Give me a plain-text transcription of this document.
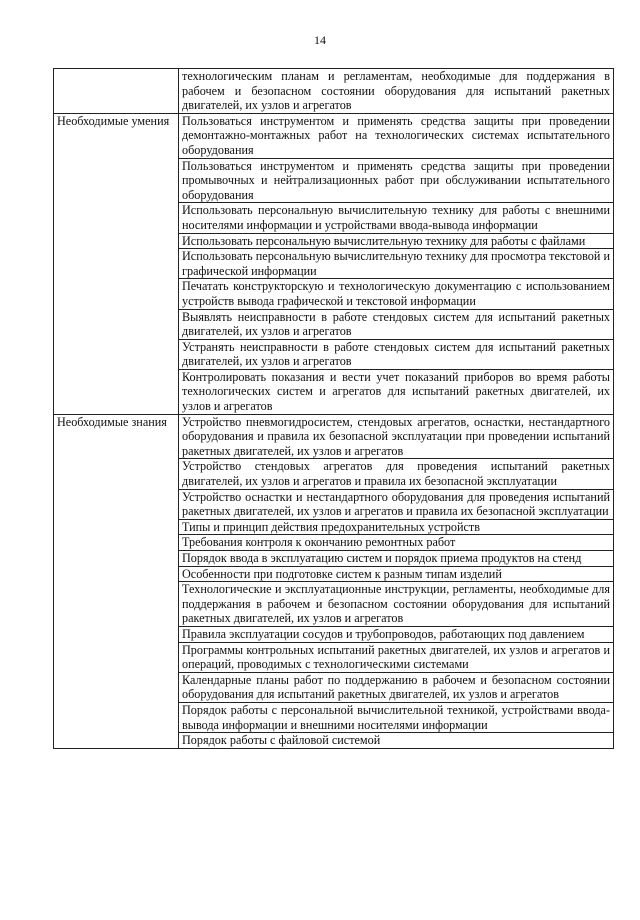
14
	технологическим планам и регламентам, необходимые для поддержания в рабочем и безопасном состоянии оборудования для испытаний ракетных двигателей, их узлов и агрегатов
Необходимые умения	Пользоваться инструментом и применять средства защиты при проведении демонтажно-монтажных работ на технологических системах испытательного оборудования
	Пользоваться инструментом и применять средства защиты при проведении промывочных и нейтрализационных работ при обслуживании испытательного оборудования
	Использовать персональную вычислительную технику для работы с внешними носителями информации и устройствами ввода-вывода информации
	Использовать персональную вычислительную технику для работы с файлами
	Использовать персональную вычислительную технику для просмотра текстовой и графической информации
	Печатать конструкторскую и технологическую документацию с использованием устройств вывода графической и текстовой информации
	Выявлять неисправности в работе стендовых систем для испытаний ракетных двигателей, их узлов и агрегатов
	Устранять неисправности в работе стендовых систем для испытаний ракетных двигателей, их узлов и агрегатов
	Контролировать показания и вести учет показаний приборов во время работы технологических систем и агрегатов для испытаний ракетных двигателей, их узлов и агрегатов
Необходимые знания	Устройство пневмогидросистем, стендовых агрегатов, оснастки, нестандартного оборудования и правила их безопасной эксплуатации при проведении испытаний ракетных двигателей, их узлов и агрегатов
	Устройство стендовых агрегатов для проведения испытаний ракетных двигателей, их узлов и агрегатов и правила их безопасной эксплуатации
	Устройство оснастки и нестандартного оборудования для проведения испытаний ракетных двигателей, их узлов и агрегатов и правила их безопасной эксплуатации
	Типы и принцип действия предохранительных устройств
	Требования контроля к окончанию ремонтных работ
	Порядок ввода в эксплуатацию систем и порядок приема продуктов на стенд
	Особенности при подготовке систем к разным типам изделий
	Технологические и эксплуатационные инструкции, регламенты, необходимые для поддержания в рабочем и безопасном состоянии оборудования для испытаний ракетных двигателей, их узлов и агрегатов
	Правила эксплуатации сосудов и трубопроводов, работающих под давлением
	Программы контрольных испытаний ракетных двигателей, их узлов и агрегатов и операций, проводимых с технологическими системами
	Календарные планы работ по поддержанию в рабочем и безопасном состоянии оборудования для испытаний ракетных двигателей, их узлов и агрегатов
	Порядок работы с персональной вычислительной техникой, устройствами ввода-вывода информации и внешними носителями информации
	Порядок работы с файловой системой
